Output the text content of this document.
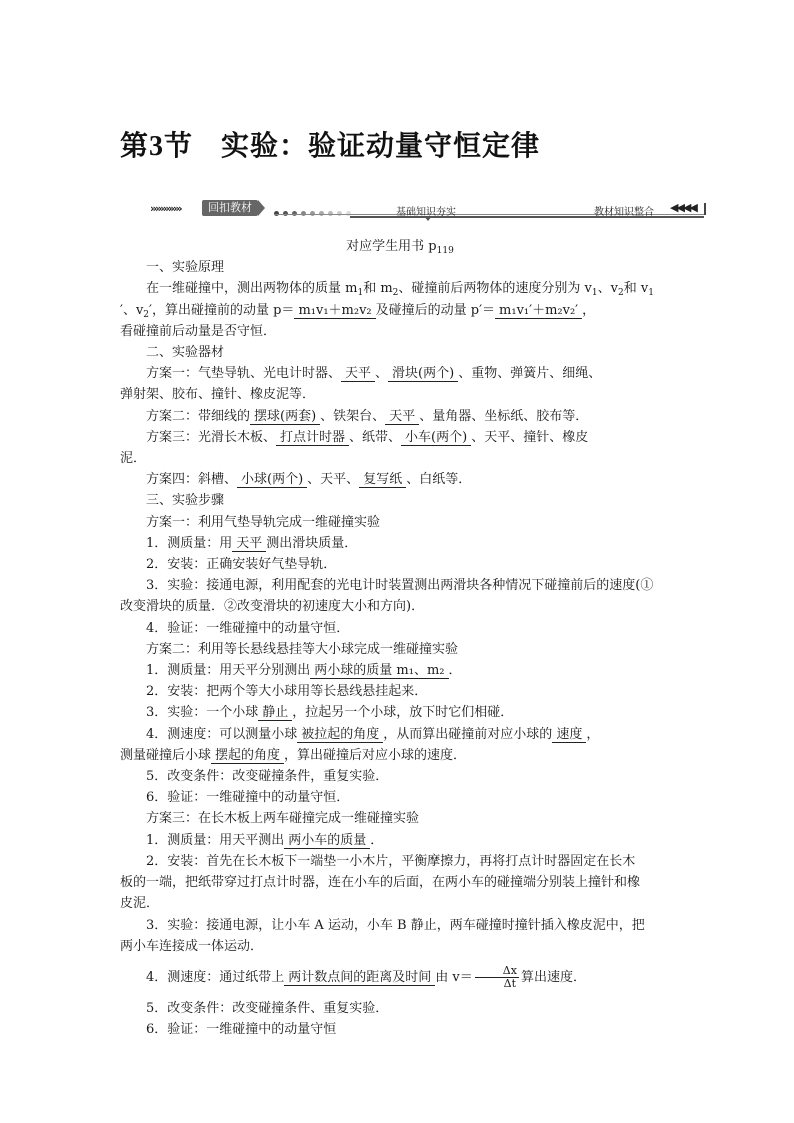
第3节 实验：验证动量守恒定律
»»»»»»	回扣教材	基础知识夯实	教材知识整合 ◀◀◀◀

对应学生用书 $p_{119}$

一、实验原理

在一维碰撞中，测出两物体的质量 $m_1$和 $m_2$、碰撞前后两物体的速度分别为 $v_1$、$v_2$和 $v_1$

′、$v_2'$，算出碰撞前的动量 p＝ m₁v₁＋m₂v₂ 及碰撞后的动量 p′＝ m₁v₁′＋m₂v₂′ ，

看碰撞前后动量是否守恒．

二、实验器材

方案一：气垫导轨、光电计时器、 天平 、 滑块(两个) 、重物、弹簧片、细绳、

弹射架、胶布、撞针、橡皮泥等．

方案二：带细线的 摆球(两套) 、铁架台、 天平 、量角器、坐标纸、胶布等．

方案三：光滑长木板、 打点计时器 、纸带、 小车(两个) 、天平、撞针、橡皮

泥．

方案四：斜槽、 小球(两个) 、天平、 复写纸 、白纸等．

三、实验步骤

方案一：利用气垫导轨完成一维碰撞实验

1．测质量：用 天平 测出滑块质量．

2．安装：正确安装好气垫导轨．

3．实验：接通电源，利用配套的光电计时装置测出两滑块各种情况下碰撞前后的速度(①

改变滑块的质量．②改变滑块的初速度大小和方向)．

4．验证：一维碰撞中的动量守恒．

方案二：利用等长悬线悬挂等大小球完成一维碰撞实验

1．测质量：用天平分别测出 两小球的质量 m₁、m₂ ．

2．安装：把两个等大小球用等长悬线悬挂起来．

3．实验：一个小球 静止 ，拉起另一个小球，放下时它们相碰．

4．测速度：可以测量小球 被拉起的角度 ，从而算出碰撞前对应小球的 速度 ，

测量碰撞后小球 摆起的角度 ，算出碰撞后对应小球的速度．

5．改变条件：改变碰撞条件，重复实验．

6．验证：一维碰撞中的动量守恒．

方案三：在长木板上两车碰撞完成一维碰撞实验

1．测质量：用天平测出 两小车的质量 ．

2．安装：首先在长木板下一端垫一小木片，平衡摩擦力，再将打点计时器固定在长木

板的一端，把纸带穿过打点计时器，连在小车的后面，在两小车的碰撞端分别装上撞针和橡

皮泥．

3．实验：接通电源，让小车 A 运动，小车 B 静止，两车碰撞时撞针插入橡皮泥中，把

两小车连接成一体运动．

4．测速度：通过纸带上 两计数点间的距离及时间 由 $v= \frac{\Delta x}{\Delta t}$ 算出速度．

5．改变条件：改变碰撞条件、重复实验．

6．验证：一维碰撞中的动量守恒
